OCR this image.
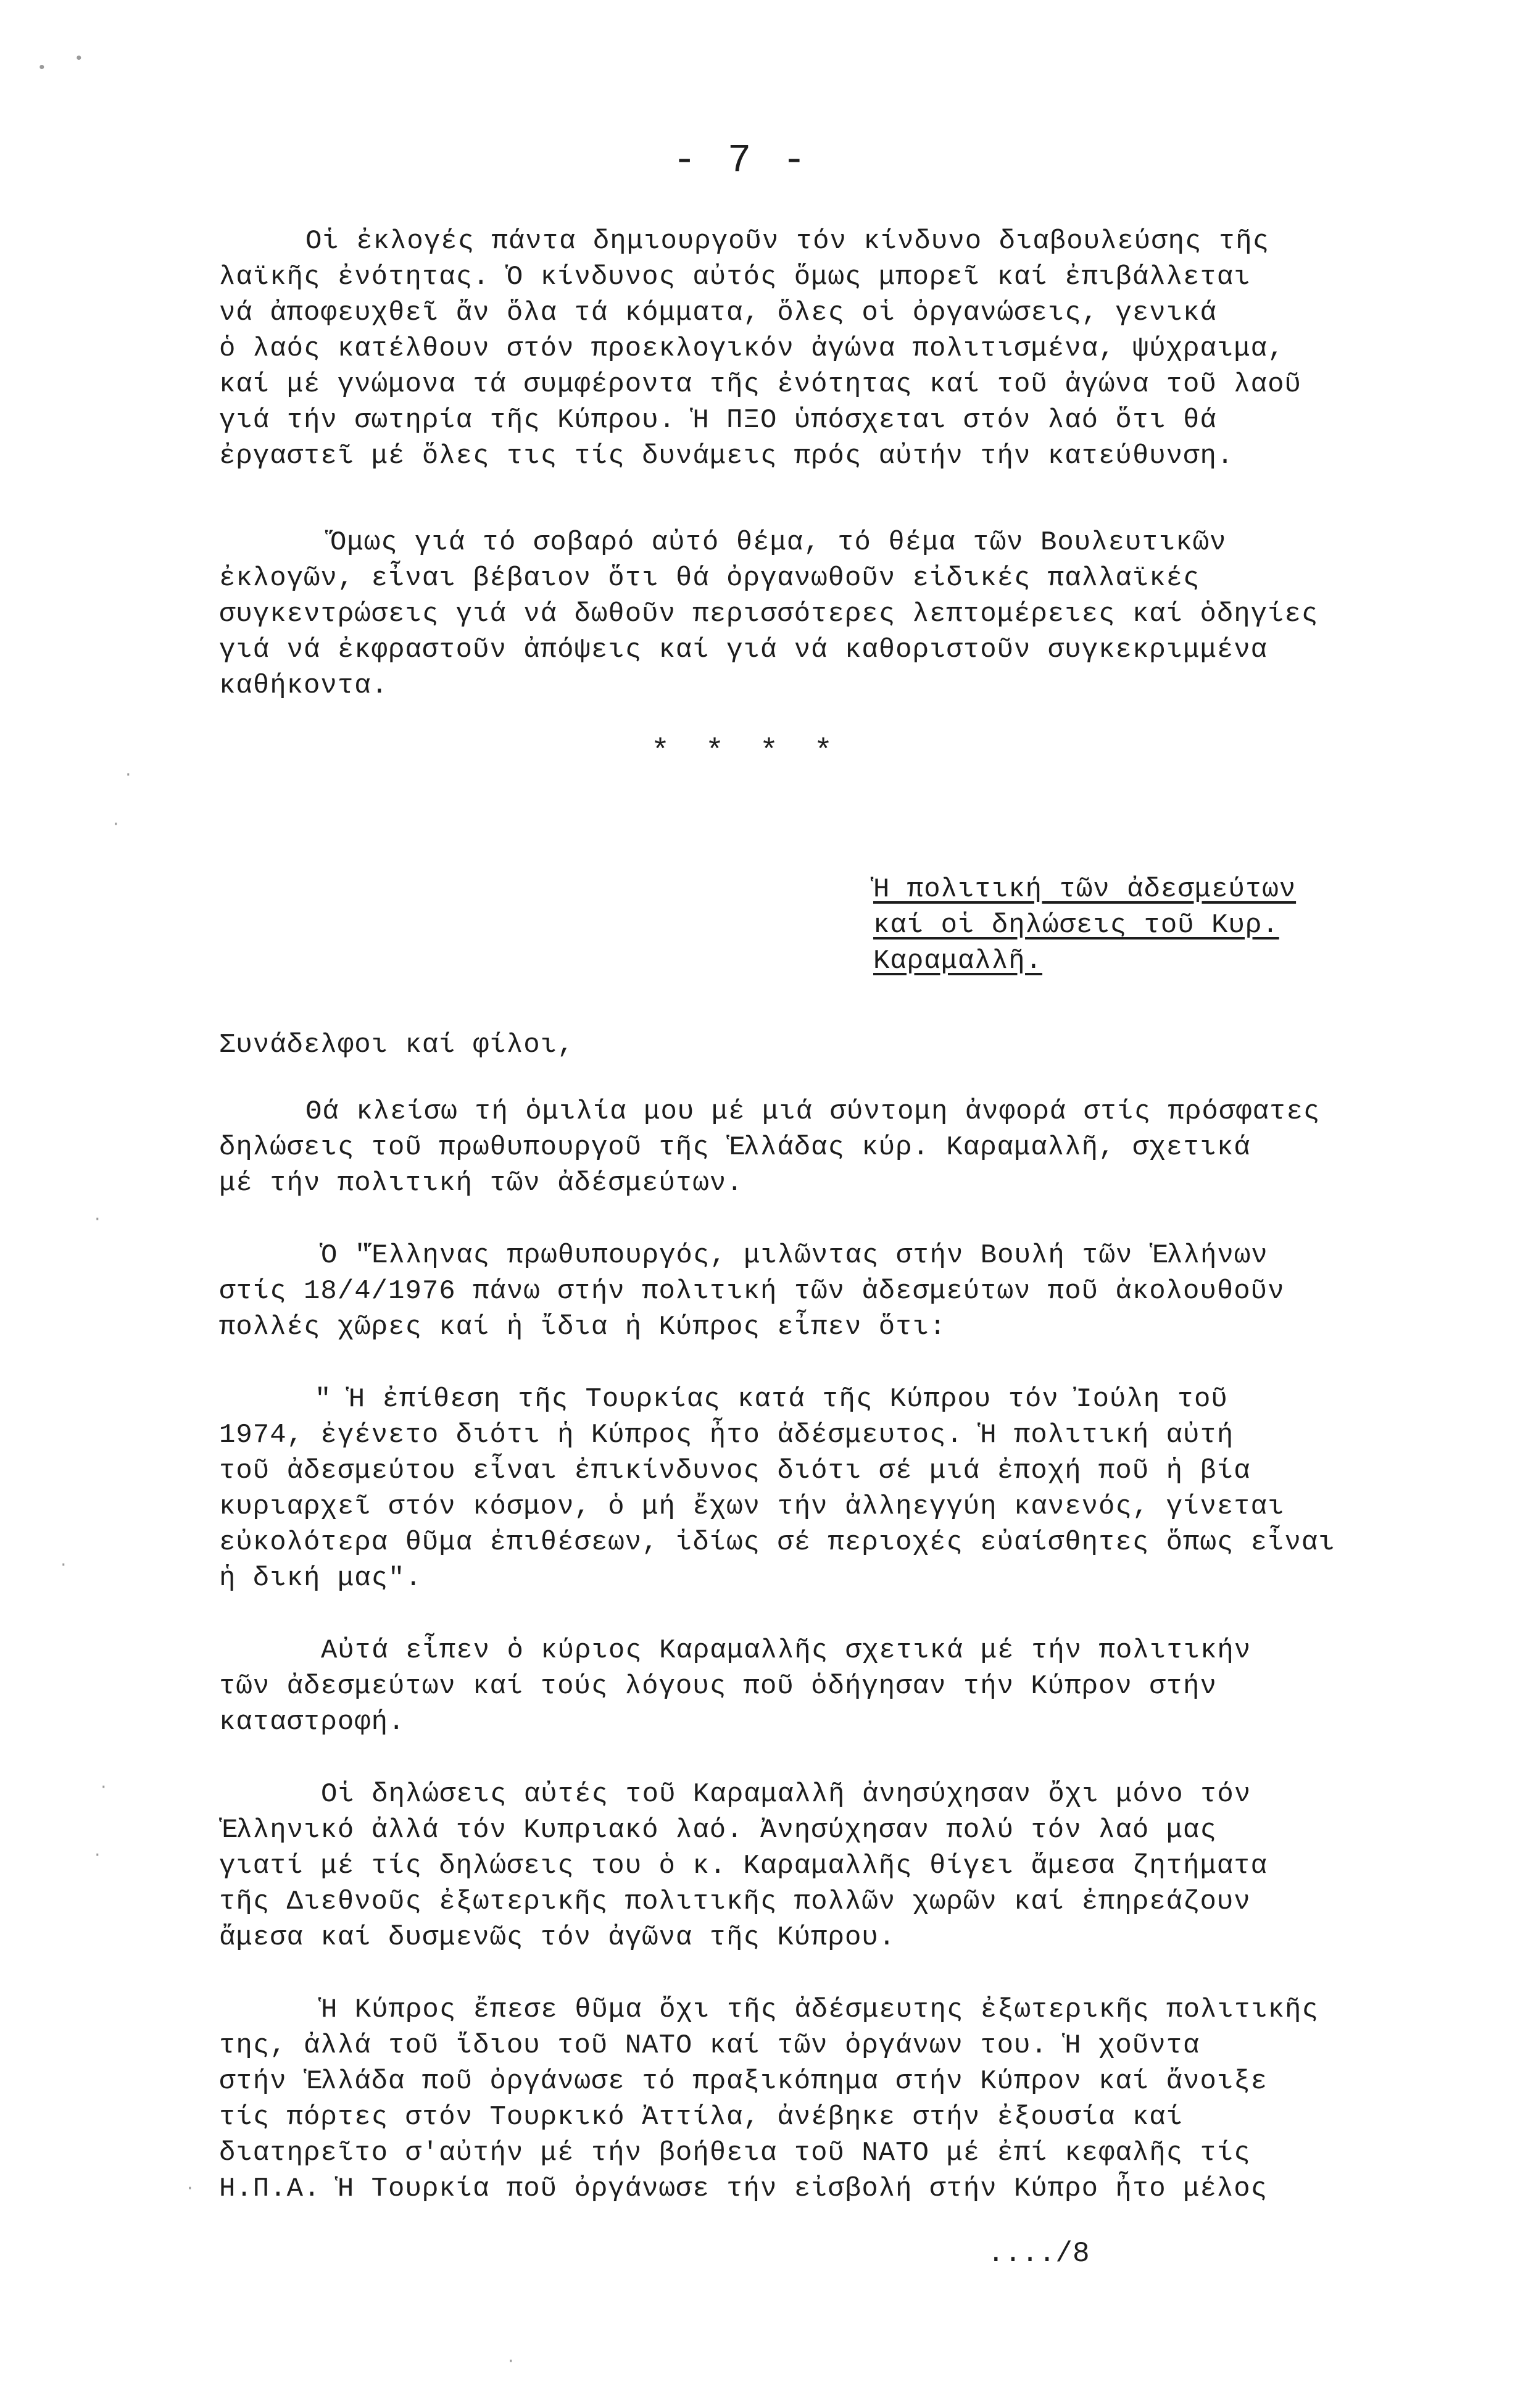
- 7 -
Οἱ ἐκλογές πάντα δημιουργοῦν τόν κίνδυνο διαβουλεύσης τῆς
λαϊκῆς ἐνότητας. Ὁ κίνδυνος αὐτός ὅμως μπορεῖ καί ἐπιβάλλεται
νά ἀποφευχθεῖ ἄν ὅλα τά κόμματα, ὅλες οἱ ὀργανώσεις, γενικά
ὁ λαός κατέλθουν στόν προεκλογικόν ἀγώνα πολιτισμένα, ψύχραιμα,
καί μέ γνώμονα τά συμφέροντα τῆς ἐνότητας καί τοῦ ἀγώνα τοῦ λαοῦ
γιά τήν σωτηρία τῆς Κύπρου. Ἡ ΠΞΟ ὑπόσχεται στόν λαό ὅτι θά
ἐργαστεῖ μέ ὅλες τις τίς δυνάμεις πρός αὐτήν τήν κατεύθυνση.
Ὅμως γιά τό σοβαρό αὐτό θέμα, τό θέμα τῶν Βουλευτικῶν
ἐκλογῶν, εἶναι βέβαιον ὅτι θά ὀργανωθοῦν εἰδικές παλλαϊκές
συγκεντρώσεις γιά νά δωθοῦν περισσότερες λεπτομέρειες καί ὁδηγίες
γιά νά ἐκφραστοῦν ἀπόψεις καί γιά νά καθοριστοῦν συγκεκριμμένα
καθήκοντα.
* * * *
Ἡ πολιτική τῶν ἀδεσμεύτων
καί οἱ δηλώσεις τοῦ Κυρ.
Καραμαλλῆ.
Συνάδελφοι καί φίλοι,
Θά κλείσω τή ὁμιλία μου μέ μιά σύντομη ἀνφορά στίς πρόσφατες
δηλώσεις τοῦ πρωθυπουργοῦ τῆς Ἑλλάδας κύρ. Καραμαλλῆ, σχετικά
μέ τήν πολιτική τῶν ἀδέσμεύτων.
Ὁ "Ἕλληνας πρωθυπουργός, μιλῶντας στήν Βουλή τῶν Ἑλλήνων
στίς 18/4/1976 πάνω στήν πολιτική τῶν ἀδεσμεύτων ποῦ ἀκολουθοῦν
πολλές χῶρες καί ἡ ἴδια ἡ Κύπρος εἶπεν ὅτι:
" Ἡ ἐπίθεση τῆς Τουρκίας κατά τῆς Κύπρου τόν Ἰούλη τοῦ
1974, ἐγένετο διότι ἡ Κύπρος ἦτο ἀδέσμευτος. Ἡ πολιτική αὐτή
τοῦ ἀδεσμεύτου εἶναι ἐπικίνδυνος διότι σέ μιά ἐποχή ποῦ ἡ βία
κυριαρχεῖ στόν κόσμον, ὁ μή ἔχων τήν ἀλληεγγύη κανενός, γίνεται
εὐκολότερα θῦμα ἐπιθέσεων, ἰδίως σέ περιοχές εὐαίσθητες ὅπως εἶναι
ἡ δική μας".
Αὐτά εἶπεν ὁ κύριος Καραμαλλῆς σχετικά μέ τήν πολιτικήν
τῶν ἀδεσμεύτων καί τούς λόγους ποῦ ὁδήγησαν τήν Κύπρον στήν
καταστροφή.
Οἱ δηλώσεις αὐτές τοῦ Καραμαλλῆ ἀνησύχησαν ὄχι μόνο τόν
Ἑλληνικό ἀλλά τόν Κυπριακό λαό. Ἀνησύχησαν πολύ τόν λαό μας
γιατί μέ τίς δηλώσεις του ὁ κ. Καραμαλλῆς θίγει ἄμεσα ζητήματα
τῆς Διεθνοῦς ἐξωτερικῆς πολιτικῆς πολλῶν χωρῶν καί ἐπηρεάζουν
ἄμεσα καί δυσμενῶς τόν ἀγῶνα τῆς Κύπρου.
Ἡ Κύπρος ἔπεσε θῦμα ὄχι τῆς ἀδέσμευτης ἐξωτερικῆς πολιτικῆς
της, ἀλλά τοῦ ἴδιου τοῦ ΝΑΤΟ καί τῶν ὀργάνων του. Ἡ χοῦντα
στήν Ἑλλάδα ποῦ ὀργάνωσε τό πραξικόπημα στήν Κύπρον καί ἄνοιξε
τίς πόρτες στόν Τουρκικό Ἀττίλα, ἀνέβηκε στήν ἐξουσία καί
διατηρεῖτο σ'αὐτήν μέ τήν βοήθεια τοῦ ΝΑΤΟ μέ ἐπί κεφαλῆς τίς
Η.Π.Α. Ἡ Τουρκία ποῦ ὀργάνωσε τήν εἰσβολή στήν Κύπρο ἦτο μέλος
..../8
• •
·
·
·
·
·
·
·
·
